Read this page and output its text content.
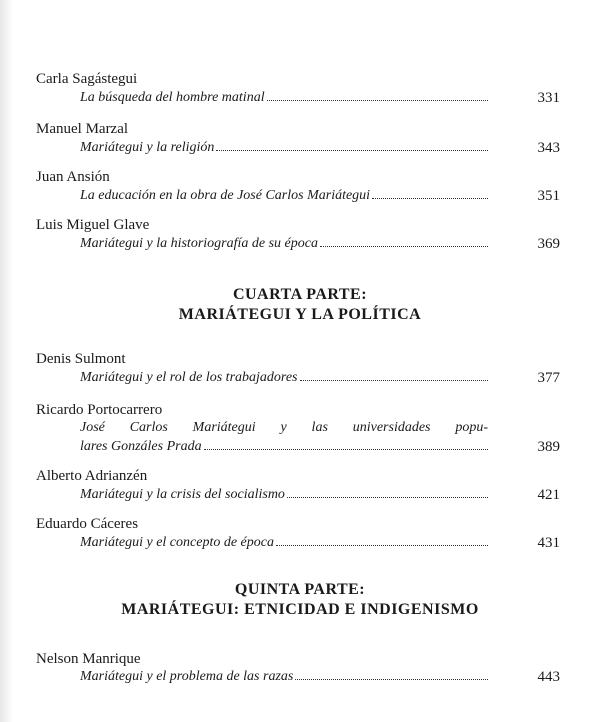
Carla Sagástegui
La búsqueda del hombre matinal	331
Manuel Marzal
Mariátegui y la religión	343
Juan Ansión
La educación en la obra de José Carlos Mariátegui	351
Luis Miguel Glave
Mariátegui y la historiografía de su época	369
CUARTA PARTE:
MARIÁTEGUI Y LA POLÍTICA
Denis Sulmont
Mariátegui y el rol de los trabajadores	377
Ricardo Portocarrero
José Carlos Mariátegui y las universidades popu-
lares Gonzáles Prada	389
Alberto Adrianzén
Mariátegui y la crisis del socialismo	421
Eduardo Cáceres
Mariátegui y el concepto de época	431
QUINTA PARTE:
MARIÁTEGUI: ETNICIDAD E INDIGENISMO
Nelson Manrique
Mariátegui y el problema de las razas	443
